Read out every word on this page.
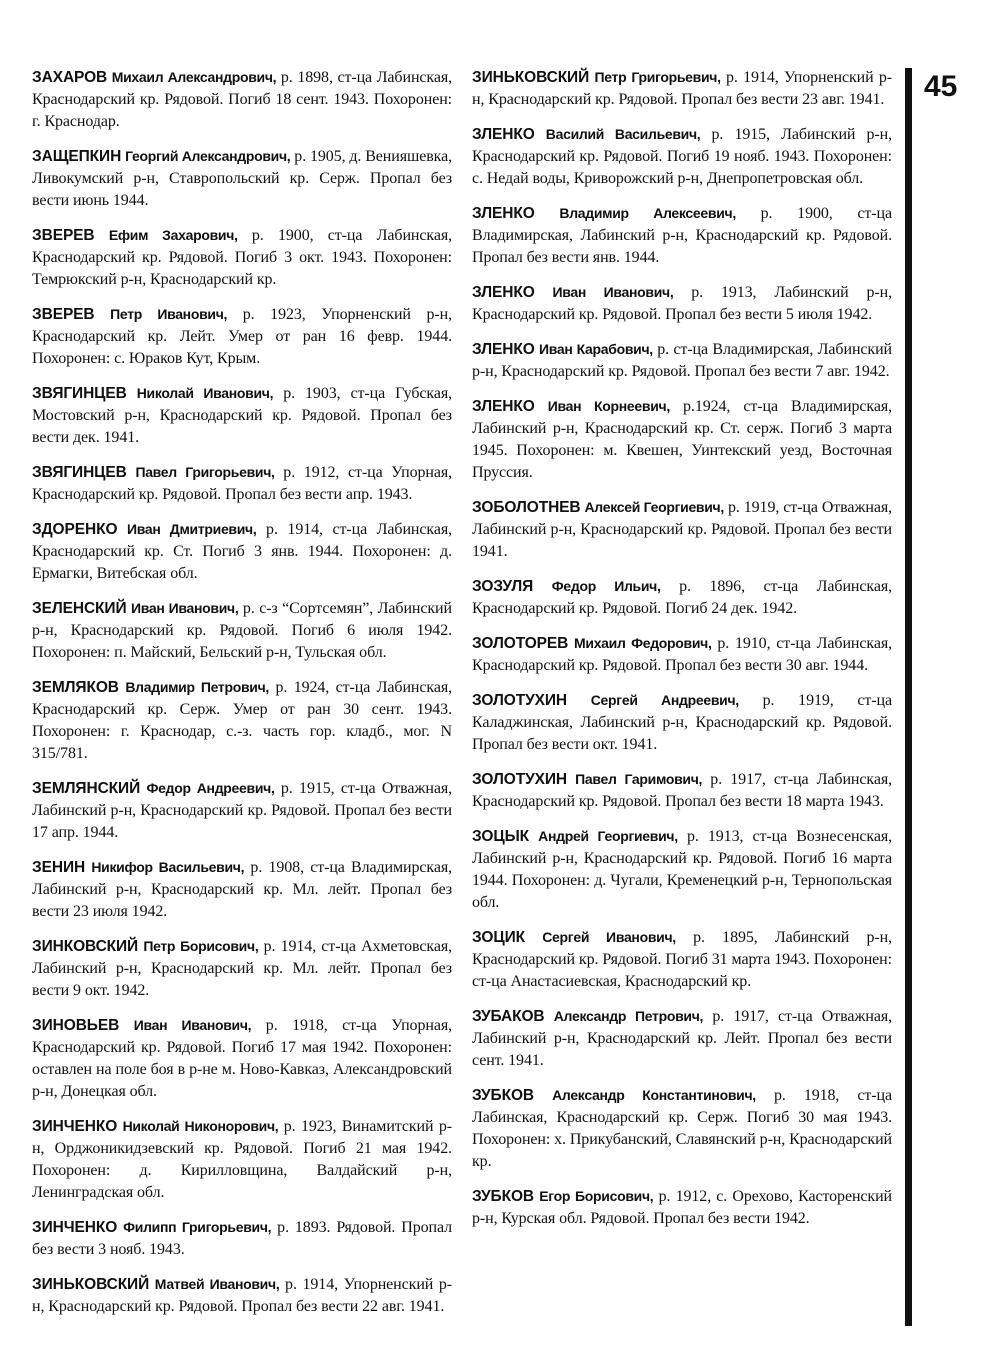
ЗАХАРОВ Михаил Александрович, р. 1898, ст-ца Лабинская, Краснодарский кр. Рядовой. Погиб 18 сент. 1943. Похоронен: г. Краснодар.

ЗАЩЕПКИН Георгий Александрович, р. 1905, д. Венияшевка, Ливокумский р-н, Ставропольский кр. Серж. Пропал без вести июнь 1944.

ЗВЕРЕВ Ефим Захарович, р. 1900, ст-ца Лабинская, Краснодарский кр. Рядовой. Погиб 3 окт. 1943. Похоронен: Темрюкский р-н, Краснодарский кр.

ЗВЕРЕВ Петр Иванович, р. 1923, Упорненский р-н, Краснодарский кр. Лейт. Умер от ран 16 февр. 1944. Похоронен: с. Юраков Кут, Крым.

ЗВЯГИНЦЕВ Николай Иванович, р. 1903, ст-ца Губская, Мостовский р-н, Краснодарский кр. Рядовой. Пропал без вести дек. 1941.

ЗВЯГИНЦЕВ Павел Григорьевич, р. 1912, ст-ца Упорная, Краснодарский кр. Рядовой. Пропал без вести апр. 1943.

ЗДОРЕНКО Иван Дмитриевич, р. 1914, ст-ца Лабинская, Краснодарский кр. Ст. Погиб 3 янв. 1944. Похоронен: д. Ермагки, Витебская обл.

ЗЕЛЕНСКИЙ Иван Иванович, р. с-з “Сортсемян”, Лабинский р-н, Краснодарский кр. Рядовой. Погиб 6 июля 1942. Похоронен: п. Майский, Бельский р-н, Тульская обл.

ЗЕМЛЯКОВ Владимир Петрович, р. 1924, ст-ца Лабинская, Краснодарский кр. Серж. Умер от ран 30 сент. 1943. Похоронен: г. Краснодар, с.-з. часть гор. кладб., мог. N 315/781.

ЗЕМЛЯНСКИЙ Федор Андреевич, р. 1915, ст-ца Отважная, Лабинский р-н, Краснодарский кр. Рядовой. Пропал без вести 17 апр. 1944.

ЗЕНИН Никифор Васильевич, р. 1908, ст-ца Владимирская, Лабинский р-н, Краснодарский кр. Мл. лейт. Пропал без вести 23 июля 1942.

ЗИНКОВСКИЙ Петр Борисович, р. 1914, ст-ца Ахметовская, Лабинский р-н, Краснодарский кр. Мл. лейт. Пропал без вести 9 окт. 1942.

ЗИНОВЬЕВ Иван Иванович, р. 1918, ст-ца Упорная, Краснодарский кр. Рядовой. Погиб 17 мая 1942. Похоронен: оставлен на поле боя в р-не м. Ново-Кавказ, Александровский р-н, Донецкая обл.

ЗИНЧЕНКО Николай Никонорович, р. 1923, Винамитский р-н, Орджоникидзевский кр. Рядовой. Погиб 21 мая 1942. Похоронен: д. Кирилловщина, Валдайский р-н, Ленинградская обл.

ЗИНЧЕНКО Филипп Григорьевич, р. 1893. Рядовой. Пропал без вести 3 нояб. 1943.

ЗИНЬКОВСКИЙ Матвей Иванович, р. 1914, Упорненский р-н, Краснодарский кр. Рядовой. Пропал без вести 22 авг. 1941.

ЗИНЬКОВСКИЙ Петр Григорьевич, р. 1914, Упорненский р-н, Краснодарский кр. Рядовой. Пропал без вести 23 авг. 1941.

ЗЛЕНКО Василий Васильевич, р. 1915, Лабинский р-н, Краснодарский кр. Рядовой. Погиб 19 нояб. 1943. Похоронен: с. Недай воды, Криворожский р-н, Днепропетровская обл.

ЗЛЕНКО Владимир Алексеевич, р. 1900, ст-ца Владимирская, Лабинский р-н, Краснодарский кр. Рядовой. Пропал без вести янв. 1944.

ЗЛЕНКО Иван Иванович, р. 1913, Лабинский р-н, Краснодарский кр. Рядовой. Пропал без вести 5 июля 1942.

ЗЛЕНКО Иван Карабович, р. ст-ца Владимирская, Лабинский р-н, Краснодарский кр. Рядовой. Пропал без вести 7 авг. 1942.

ЗЛЕНКО Иван Корнеевич, р.1924, ст-ца Владимирская, Лабинский р-н, Краснодарский кр. Ст. серж. Погиб 3 марта 1945. Похоронен: м. Квешен, Уинтекский уезд, Восточная Пруссия.

ЗОБОЛОТНЕВ Алексей Георгиевич, р. 1919, ст-ца Отважная, Лабинский р-н, Краснодарский кр. Рядовой. Пропал без вести 1941.

ЗОЗУЛЯ Федор Ильич, р. 1896, ст-ца Лабинская, Краснодарский кр. Рядовой. Погиб 24 дек. 1942.

ЗОЛОТОРЕВ Михаил Федорович, р. 1910, ст-ца Лабинская, Краснодарский кр. Рядовой. Пропал без вести 30 авг. 1944.

ЗОЛОТУХИН Сергей Андреевич, р. 1919, ст-ца Каладжинская, Лабинский р-н, Краснодарский кр. Рядовой. Пропал без вести окт. 1941.

ЗОЛОТУХИН Павел Гаримович, р. 1917, ст-ца Лабинская, Краснодарский кр. Рядовой. Пропал без вести 18 марта 1943.

ЗОЦЫК Андрей Георгиевич, р. 1913, ст-ца Вознесенская, Лабинский р-н, Краснодарский кр. Рядовой. Погиб 16 марта 1944. Похоронен: д. Чугали, Кременецкий р-н, Тернопольская обл.

ЗОЦИК Сергей Иванович, р. 1895, Лабинский р-н, Краснодарский кр. Рядовой. Погиб 31 марта 1943. Похоронен: ст-ца Анастасиевская, Краснодарский кр.

ЗУБАКОВ Александр Петрович, р. 1917, ст-ца Отважная, Лабинский р-н, Краснодарский кр. Лейт. Пропал без вести сент. 1941.

ЗУБКОВ Александр Константинович, р. 1918, ст-ца Лабинская, Краснодарский кр. Серж. Погиб 30 мая 1943. Похоронен: х. Прикубанский, Славянский р-н, Краснодарский кр.

ЗУБКОВ Егор Борисович, р. 1912, с. Орехово, Касторенский р-н, Курская обл. Рядовой. Пропал без вести 1942.

45
